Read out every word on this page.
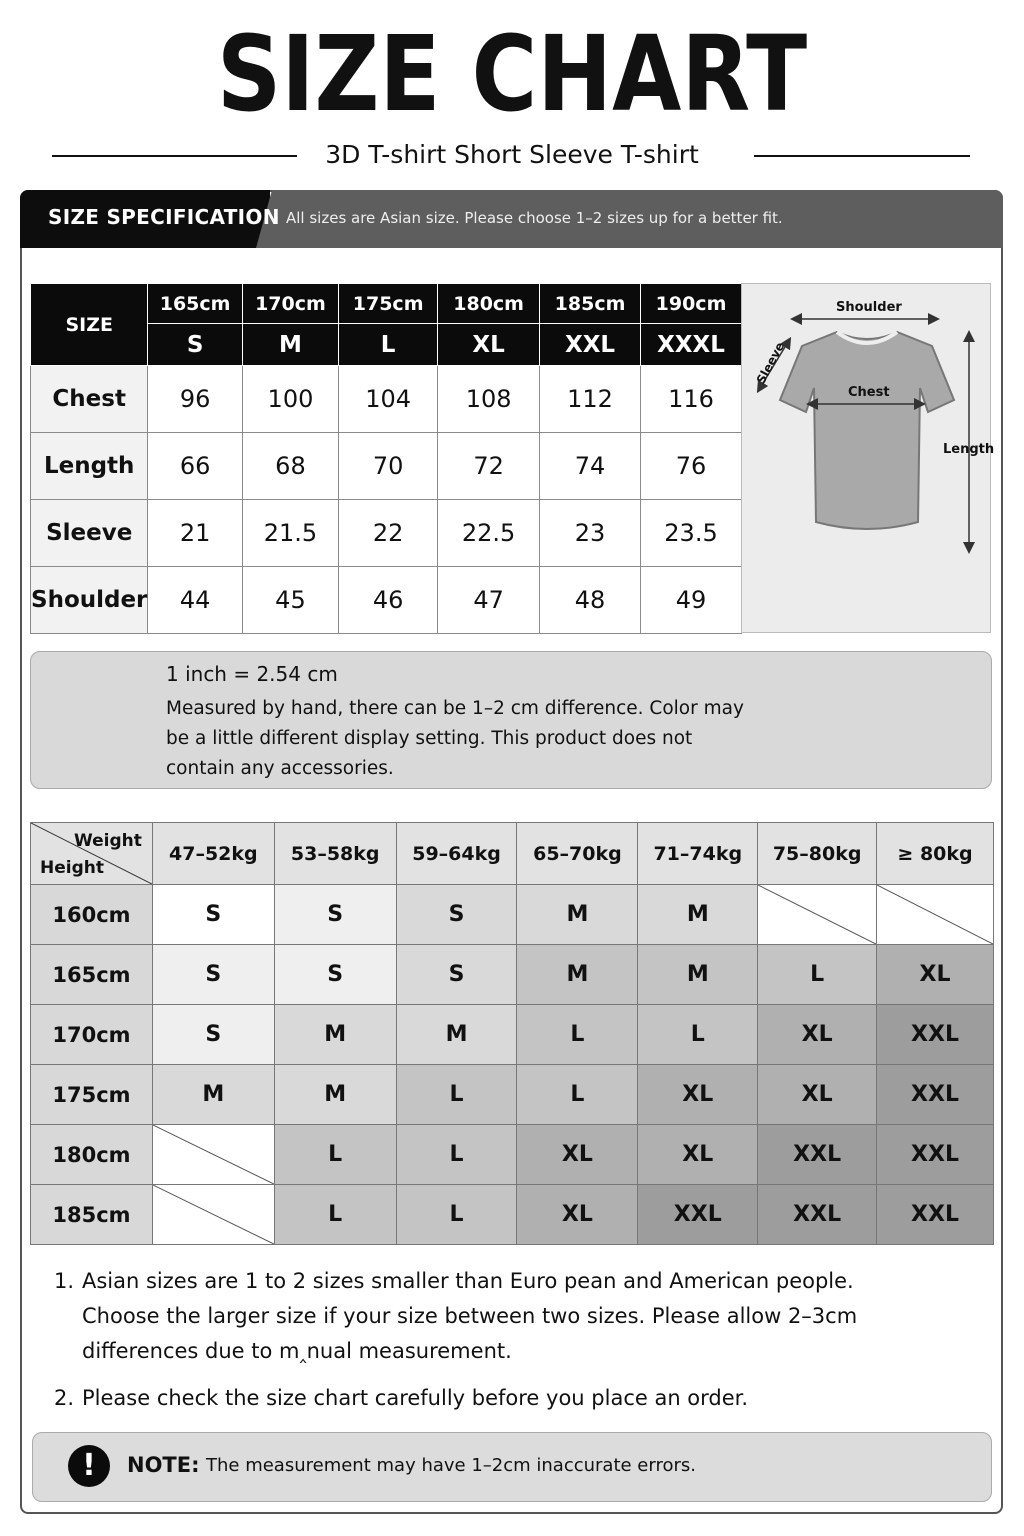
SIZE CHART
3D T-shirt Short Sleeve T-shirt
SIZE SPECIFICATION All sizes are Asian size. Please choose 1–2 sizes up for a better fit.
SIZE	165cm	170cm	175cm	180cm	185cm	190cm
	S	M	L	XL	XXL	XXXL
Chest	96	100	104	108	112	116
Length	66	68	70	72	74	76
Sleeve	21	21.5	22	22.5	23	23.5
Shoulder	44	45	46	47	48	49
Shoulder
Chest
Length
Sleeve
1 inch = 2.54 cm
Measured by hand, there can be 1–2 cm difference. Color may be a little different display setting. This product does not contain any accessories.
Weight
Height	47–52kg	53–58kg	59–64kg	65–70kg	71–74kg	75–80kg	≥ 80kg
160cm	S	S	S	M	M	

165cm	S	S	S	M	M	L	XL
170cm	S	M	M	L	L	XL	XXL
175cm	M	M	L	L	XL	XL	XXL
180cm		L	L	XL	XL	XXL	XXL
185cm		L	L	XL	XXL	XXL	XXL
1. Asian sizes are 1 to 2 sizes smaller than Euro pean and American people.
Choose the larger size if your size between two sizes. Please allow 2–3cm
differences due to m‸nual measurement.
2. Please check the size chart carefully before you place an order.
!	NOTE: The measurement may have 1–2cm inaccurate errors.
